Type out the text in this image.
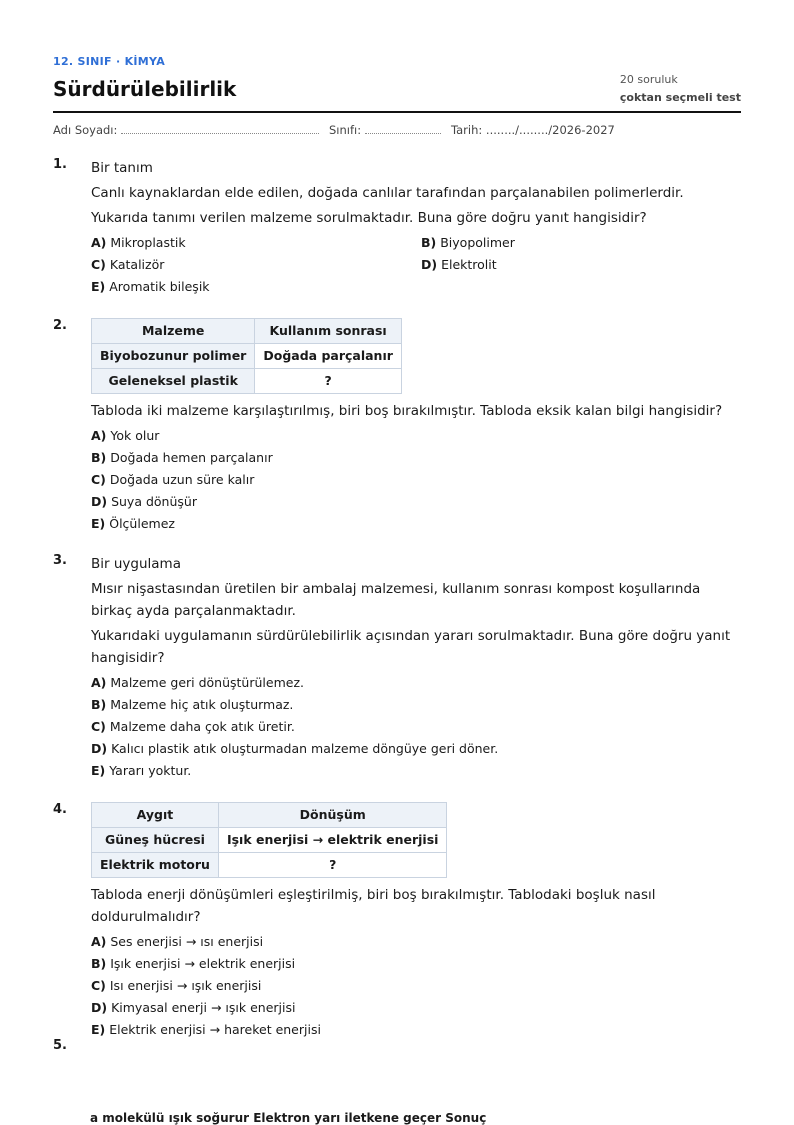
12. SINIF · KİMYA
Sürdürülebilirlik	20 soruluk
çoktan seçmeli test
Adı Soyadı:	Sınıfı:	Tarih: ......../......../2026-2027
1. Bir tanım

Canlı kaynaklardan elde edilen, doğada canlılar tarafından parçalanabilen polimerlerdir.

Yukarıda tanımı verilen malzeme sorulmaktadır. Buna göre doğru yanıt hangisidir?

A) Mikroplastik	B) Biyopolimer
C) Katalizör	D) Elektrolit
E) Aromatik bileşik
2.	Malzeme	Kullanım sonrası
Biyobozunur polimer	Doğada parçalanır
Geleneksel plastik	?

Tabloda iki malzeme karşılaştırılmış, biri boş bırakılmıştır. Tabloda eksik kalan bilgi hangisidir?

A) Yok olur
B) Doğada hemen parçalanır
C) Doğada uzun süre kalır
D) Suya dönüşür
E) Ölçülemez
3. Bir uygulama

Mısır nişastasından üretilen bir ambalaj malzemesi, kullanım sonrası kompost koşullarında birkaç ayda parçalanmaktadır.

Yukarıdaki uygulamanın sürdürülebilirlik açısından yararı sorulmaktadır. Buna göre doğru yanıt hangisidir?

A) Malzeme geri dönüştürülemez.
B) Malzeme hiç atık oluşturmaz.
C) Malzeme daha çok atık üretir.
D) Kalıcı plastik atık oluşturmadan malzeme döngüye geri döner.
E) Yararı yoktur.
4.	Aygıt	Dönüşüm
Güneş hücresi	Işık enerjisi → elektrik enerjisi
Elektrik motoru	?

Tabloda enerji dönüşümleri eşleştirilmiş, biri boş bırakılmıştır. Tablodaki boşluk nasıl doldurulmalıdır?

A) Ses enerjisi → ısı enerjisi
B) Işık enerjisi → elektrik enerjisi
C) Isı enerjisi → ışık enerjisi
D) Kimyasal enerji → ışık enerjisi
E) Elektrik enerjisi → hareket enerjisi
5.
a molekülü ışık soğurur Elektron yarı iletkene geçer Sonuç
